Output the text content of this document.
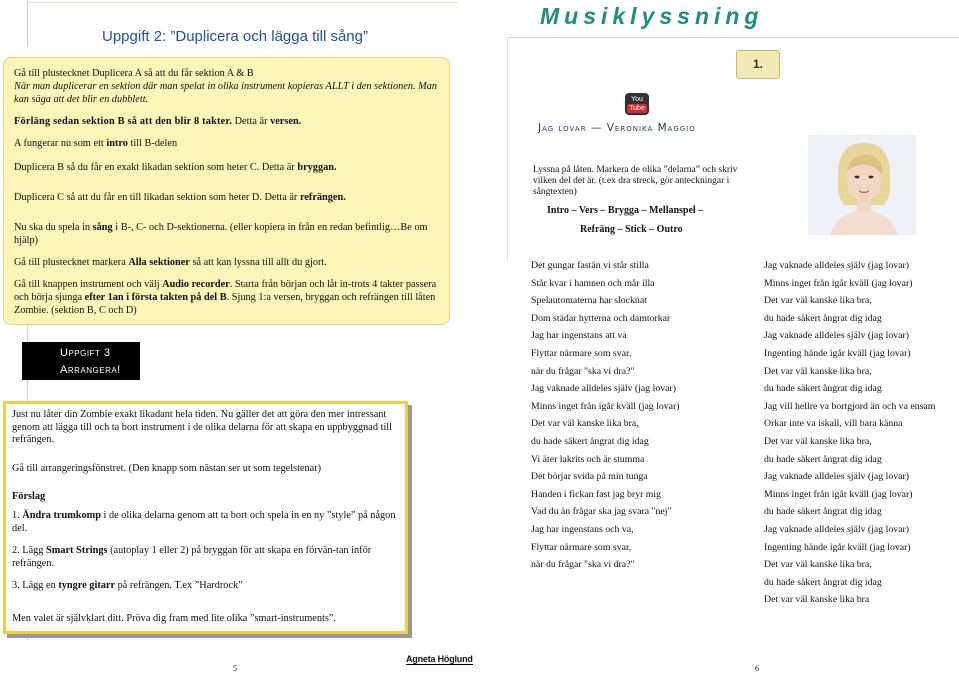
Uppgift 2: ”Duplicera och lägga till sång”

Gå till plustecknet Duplicera A så att du får sektion A & B

När man duplicerar en sektion där man spelat in olika instrument kopieras ALLT i den sektionen. Man kan säga att det blir en dubblett.

Förläng sedan sektion B så att den blir 8 takter. Detta är versen.

A fungerar nu som ett intro till B-delen

Duplicera B så du får en exakt likadan sektion som heter C. Detta är bryggan.

Duplicera C så att du får en till likadan sektion som heter D. Detta är refrängen.

Nu ska du spela in sång i B-, C- och D-sektionerna. (eller kopiera in från en redan befintlig…Be om hjälp)

Gå till plustecknet markera Alla sektioner så att kan lyssna till allt du gjort.

Gå till knappen instrument och välj Audio recorder. Starta från början och låt in-trots 4 takter passera och börja sjunga efter 1an i första takten på del B. Sjung 1:a versen, bryggan och refrängen till låten Zombie. (sektion B, C och D)

Uppgift 3
Arrangera!

Just nu låter din Zombie exakt likadant hela tiden. Nu gäller det att göra den mer intressant genom att lägga till och ta bort instrument i de olika delarna för att skapa en uppbyggnad till refrängen.

Gå till arrangeringsfönstret. (Den knapp som nästan ser ut som tegelstenar)

Förslag

1. Ändra trumkomp i de olika delarna genom att ta bort och spela in en ny ”style” på någon del.

2. Lägg Smart Strings (autoplay 1 eller 2) på bryggan för att skapa en förvän-tan inför refrängen.

3. Lägg en tyngre gitarr på refrängen. T.ex ”Hardrock”

Men valet är självklart ditt. Pröva dig fram med lite olika ”smart-instruments”.

5
Agneta Höglund
Musiklyssning
1.
You
Tube
Jag lovar — Veronika Maggio
Lyssna på låten. Markera de olika ”delarna” och skriv vilken del det är. (t.ex dra streck, gör anteckningar i sångtexten)
Intro – Vers – Brygga – Mellanspel –
Refräng – Stick – Outro
Det gungar fastän vi står stilla
Står kvar i hamnen och mår illa
Spelautomaterna har slocknat
Dom städar hytterna och damtorkar
Jag har ingenstans att va
Flyttar närmare som svar,
när du frågar "ska vi dra?"
Jag vaknade alldeles själv (jag lovar)
Minns inget från igår kväll (jag lovar)
Det var väl kanske lika bra,
du hade säkert ångrat dig idag
Vi äter lakrits och är stumma
Det börjar svida på min tunga
Handen i fickan fast jag bryr mig
Vad du än frågar ska jag svara "nej"
Jag har ingenstans och va,
Flyttar närmare som svar,
när du frågar "ska vi dra?"
Jag vaknade alldeles själv (jag lovar)
Minns inget från igår kväll (jag lovar)
Det var väl kanske lika bra,
du hade säkert ångrat dig idag
Jag vaknade alldeles själv (jag lovar)
Ingenting hände igår kväll (jag lovar)
Det var väl kanske lika bra,
du hade säkert ångrat dig idag
Jag vill hellre va bortgjord än och va ensam
Orkar inte va iskall, vill bara känna
Det var väl kanske lika bra,
du hade säkert ångrat dig idag
Jag vaknade alldeles själv (jag lovar)
Minns inget från igår kväll (jag lovar)
du hade säkert ångrat dig idag
Jag vaknade alldeles själv (jag lovar)
Ingenting hände igår kväll (jag lovar)
Det var väl kanske lika bra,
du hade säkert ångrat dig idag
Det var väl kanske lika bra
6
